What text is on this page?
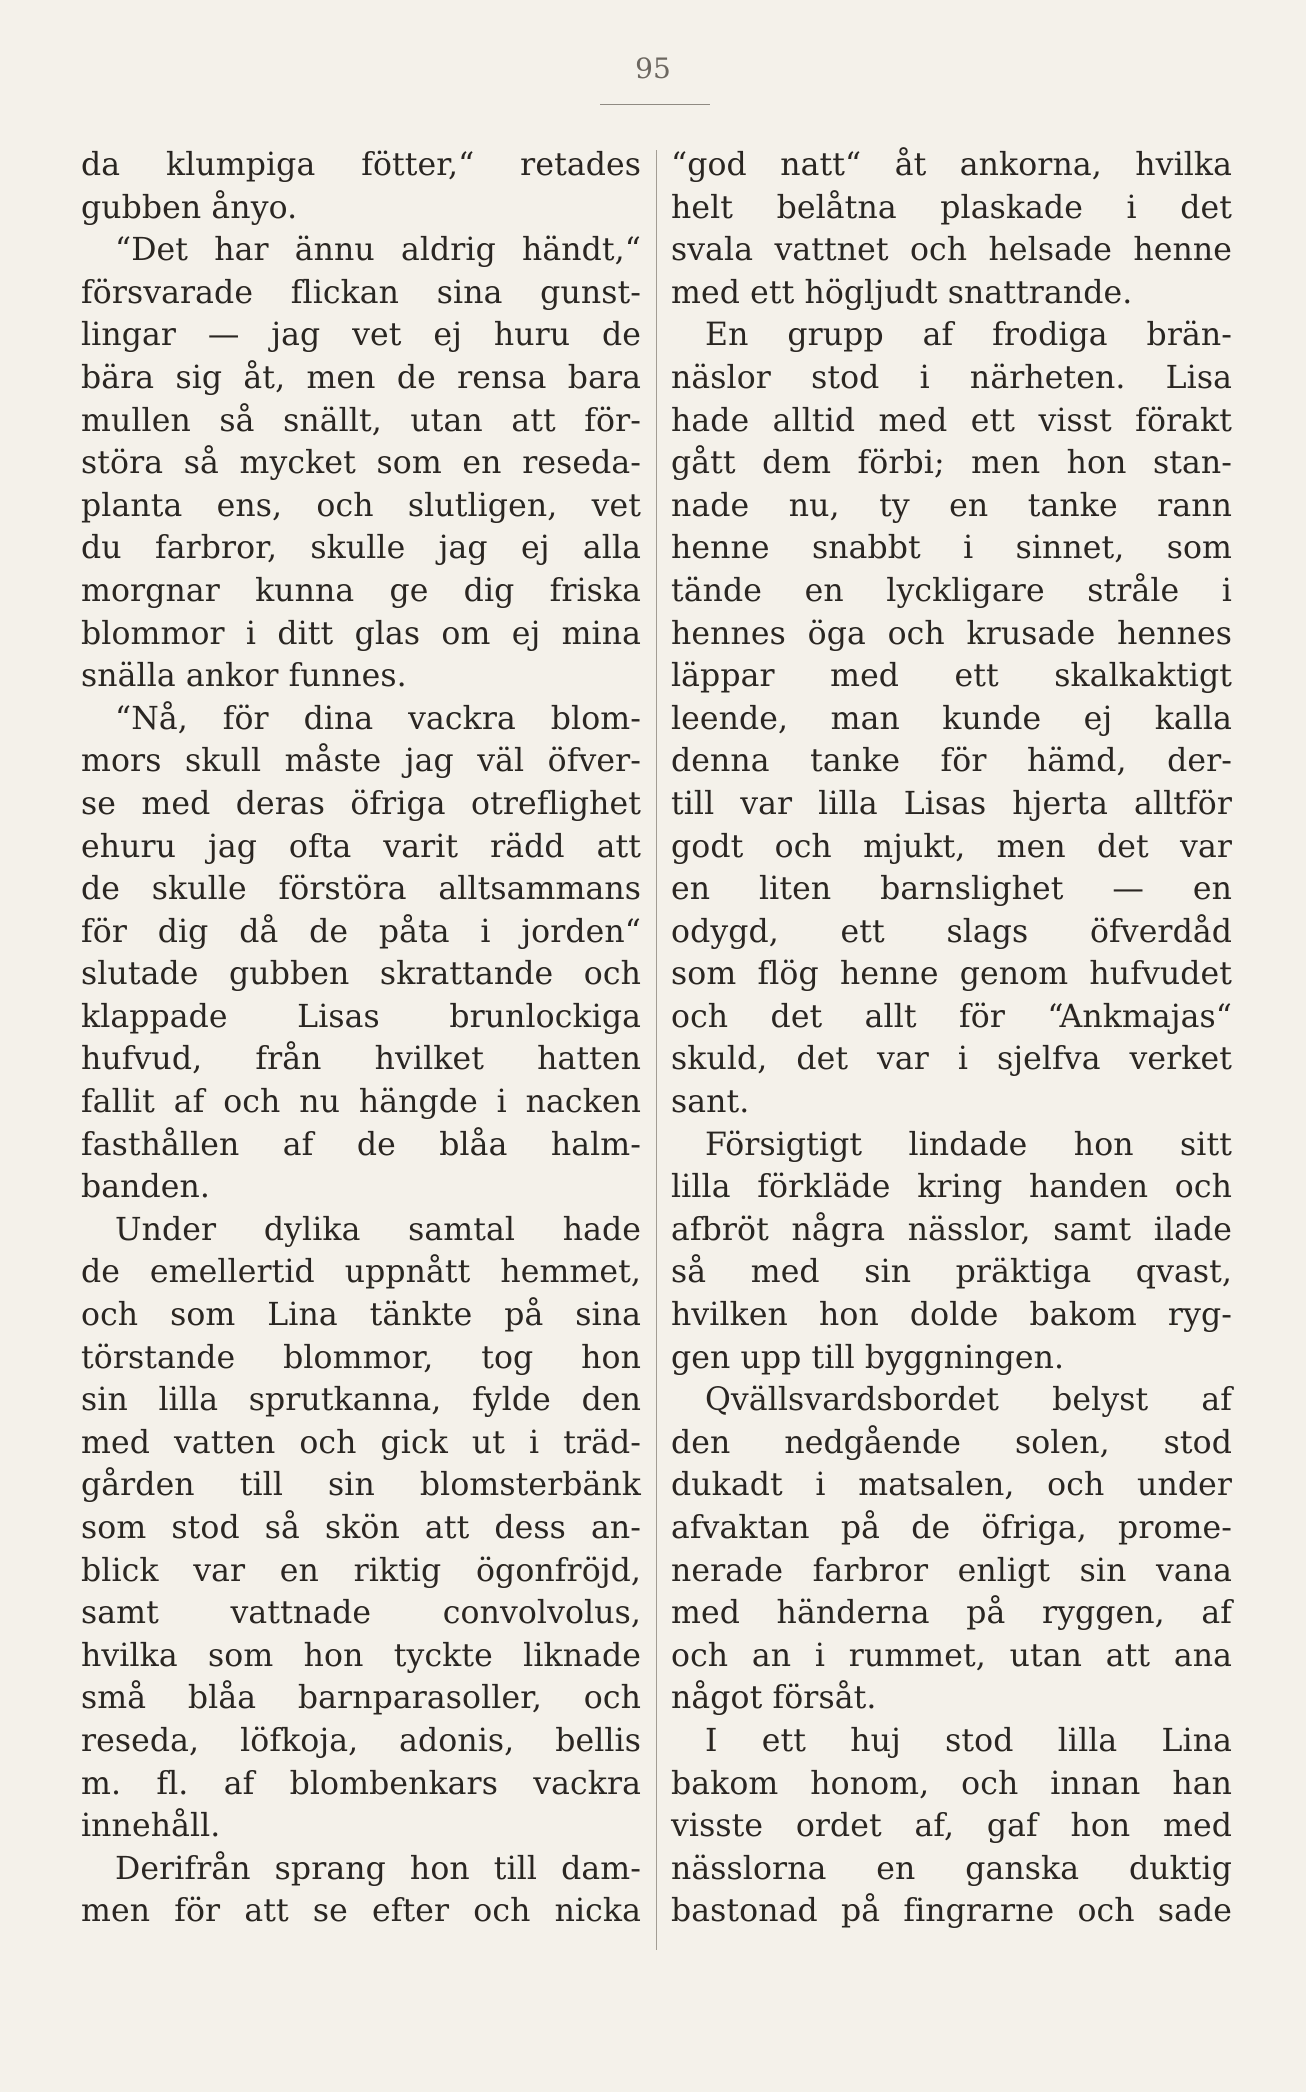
95
da klumpiga fötter,“ retades
gubben ånyo.
“Det har ännu aldrig händt,“
försvarade flickan sina gunst-
lingar — jag vet ej huru de
bära sig åt, men de rensa bara
mullen så snällt, utan att för-
störa så mycket som en reseda-
planta ens, och slutligen, vet
du farbror, skulle jag ej alla
morgnar kunna ge dig friska
blommor i ditt glas om ej mina
snälla ankor funnes.
“Nå, för dina vackra blom-
mors skull måste jag väl öfver-
se med deras öfriga otreflighet
ehuru jag ofta varit rädd att
de skulle förstöra alltsammans
för dig då de påta i jorden“
slutade gubben skrattande och
klappade Lisas brunlockiga
hufvud, från hvilket hatten
fallit af och nu hängde i nacken
fasthållen af de blåa halm-
banden.
Under dylika samtal hade
de emellertid uppnått hemmet,
och som Lina tänkte på sina
törstande blommor, tog hon
sin lilla sprutkanna, fylde den
med vatten och gick ut i träd-
gården till sin blomsterbänk
som stod så skön att dess an-
blick var en riktig ögonfröjd,
samt vattnade convolvolus,
hvilka som hon tyckte liknade
små blåa barnparasoller, och
reseda, löfkoja, adonis, bellis
m. fl. af blombenkars vackra
innehåll.
Derifrån sprang hon till dam-
men för att se efter och nicka
“god natt“ åt ankorna, hvilka
helt belåtna plaskade i det
svala vattnet och helsade henne
med ett högljudt snattrande.
En grupp af frodiga brän-
näslor stod i närheten. Lisa
hade alltid med ett visst förakt
gått dem förbi; men hon stan-
nade nu, ty en tanke rann
henne snabbt i sinnet, som
tände en lyckligare stråle i
hennes öga och krusade hennes
läppar med ett skalkaktigt
leende, man kunde ej kalla
denna tanke för hämd, der-
till var lilla Lisas hjerta alltför
godt och mjukt, men det var
en liten barnslighet — en
odygd, ett slags öfverdåd
som flög henne genom hufvudet
och det allt för “Ankmajas“
skuld, det var i sjelfva verket
sant.
Försigtigt lindade hon sitt
lilla förkläde kring handen och
afbröt några nässlor, samt ilade
så med sin präktiga qvast,
hvilken hon dolde bakom ryg-
gen upp till byggningen.
Qvällsvardsbordet belyst af
den nedgående solen, stod
dukadt i matsalen, och under
afvaktan på de öfriga, prome-
nerade farbror enligt sin vana
med händerna på ryggen, af
och an i rummet, utan att ana
något försåt.
I ett huj stod lilla Lina
bakom honom, och innan han
visste ordet af, gaf hon med
nässlorna en ganska duktig
bastonad på fingrarne och sade
